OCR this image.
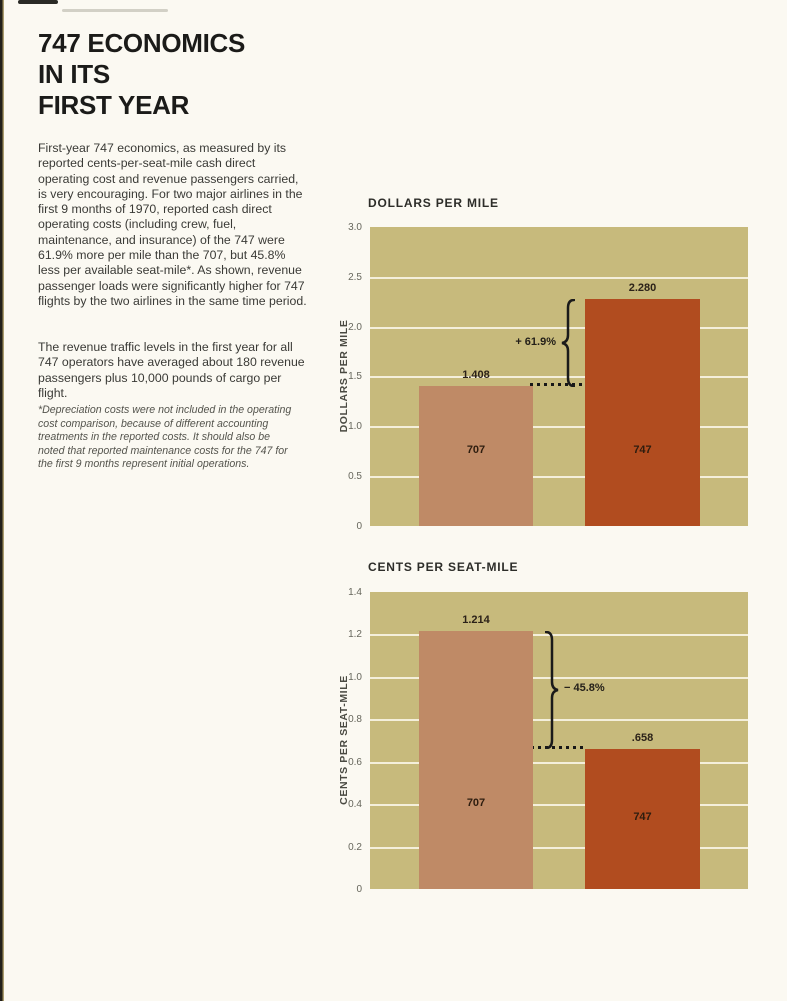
747 ECONOMICS
IN ITS
FIRST YEAR

First-year 747 economics, as measured by its reported cents-per-seat-mile cash direct operating cost and revenue passengers carried, is very encouraging. For two major airlines in the first 9 months of 1970, reported cash direct operating costs (including crew, fuel, maintenance, and insurance) of the 747 were 61.9% more per mile than the 707, but 45.8% less per available seat-mile*. As shown, revenue passenger loads were significantly higher for 747 flights by the two airlines in the same time period.

The revenue traffic levels in the first year for all 747 operators have averaged about 180 revenue passengers plus 10,000 pounds of cargo per flight.

*Depreciation costs were not included in the operating cost comparison, because of different accounting treatments in the reported costs. It should also be noted that reported maintenance costs for the 747 for the first 9 months represent initial operations.

DOLLARS PER MILE
DOLLARS PER MILE
3.0
2.5
2.0
1.5
1.0
0.5
0
1.408
707
2.280
747
+ 61.9%
CENTS PER SEAT-MILE
CENTS PER SEAT-MILE
1.4
1.2
1.0
0.8
0.6
0.4
0.2
0
1.214
707
.658
747
− 45.8%
